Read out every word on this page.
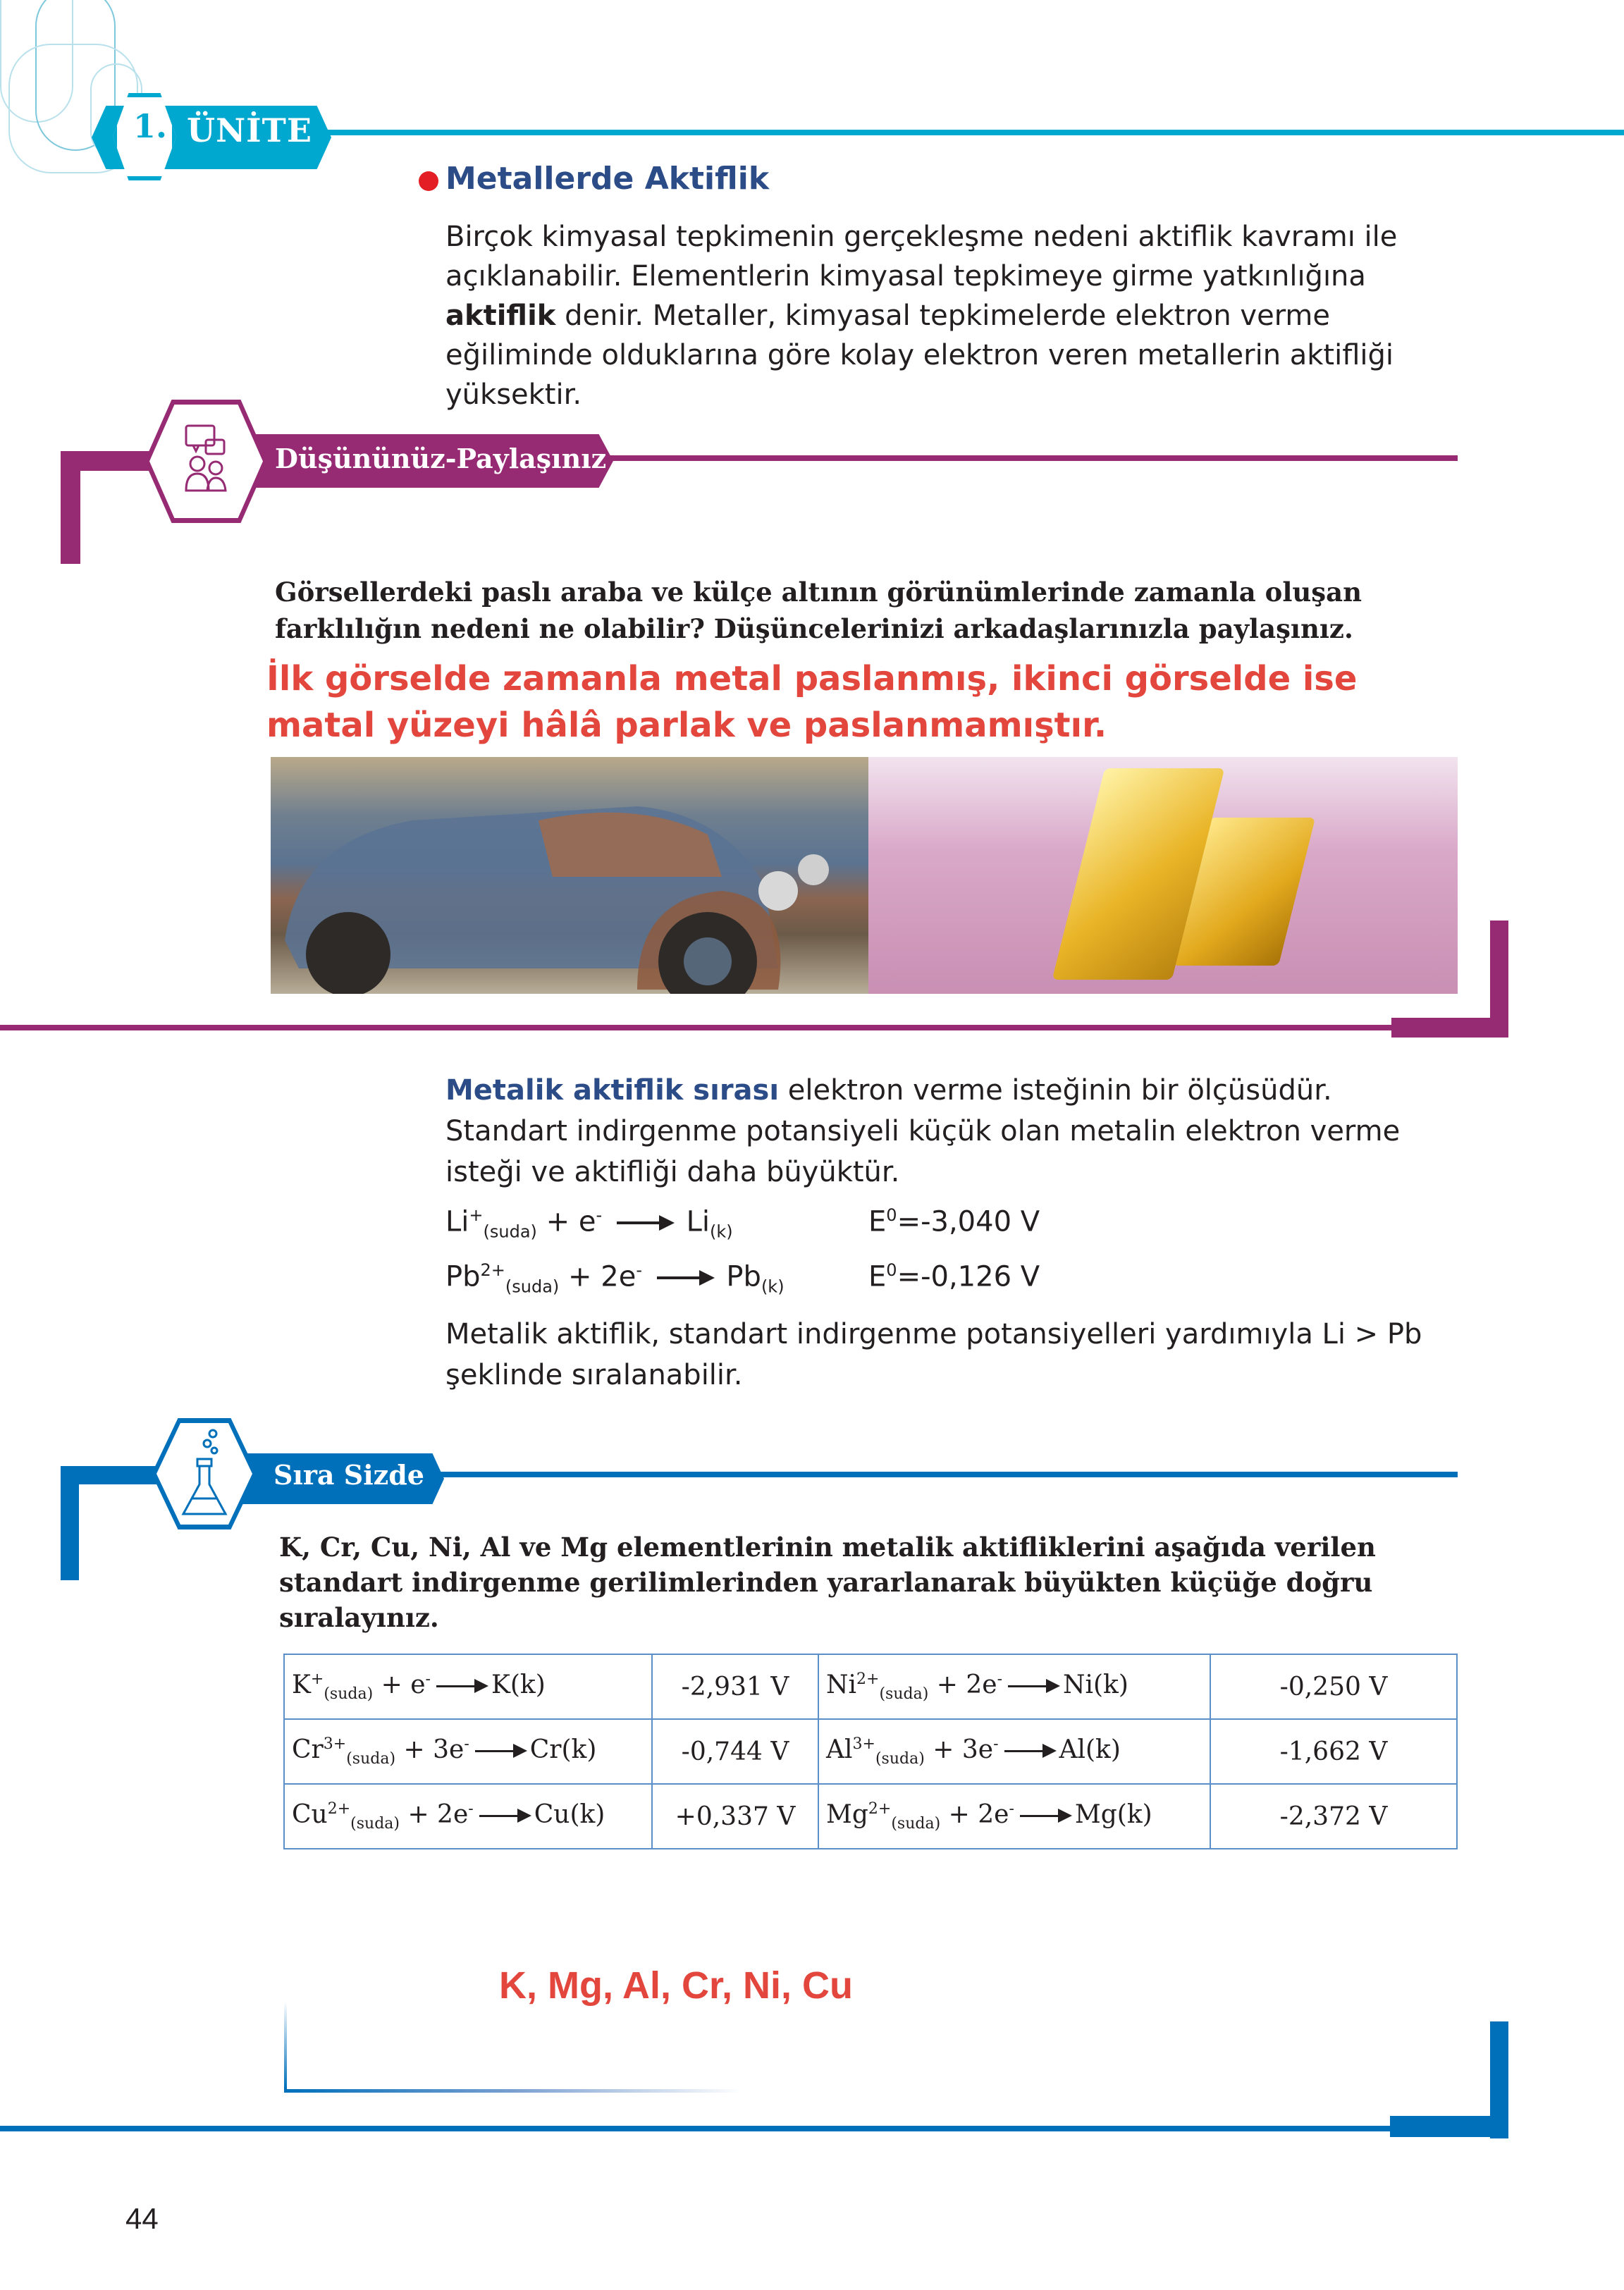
1. ÜNİTE
Metallerde Aktiflik
Birçok kimyasal tepkimenin gerçekleşme nedeni aktiflik kavramı ile açıklanabilir. Elementlerin kimyasal tepkimeye girme yatkınlığına aktiflik denir. Metaller, kimyasal tepkimelerde elektron verme eğiliminde olduklarına göre kolay elektron veren metallerin aktifliği yüksektir.
Düşününüz-Paylaşınız
Görsellerdeki paslı araba ve külçe altının görünümlerinde zamanla oluşan farklılığın nedeni ne olabilir? Düşüncelerinizi arkadaşlarınızla paylaşınız.
İlk görselde zamanla metal paslanmış, ikinci görselde ise matal yüzeyi hâlâ parlak ve paslanmamıştır.
Metalik aktiflik sırası elektron verme isteğinin bir ölçüsüdür. Standart indirgenme potansiyeli küçük olan metalin elektron verme isteği ve aktifliği daha büyüktür.
$Li^+_{(suda)} + e^- \to Li_{(k)}$	$E^0=-3,040$ V
$Pb^{2+}_{(suda)} + 2e^- \to Pb_{(k)}$	$E^0=-0,126$ V
Metalik aktiflik, standart indirgenme potansiyelleri yardımıyla Li > Pb şeklinde sıralanabilir.
Sıra Sizde
K, Cr, Cu, Ni, Al ve Mg elementlerinin metalik aktifliklerini aşağıda verilen standart indirgenme gerilimlerinden yararlanarak büyükten küçüğe doğru sıralayınız.
$K^+_{(suda)} + e^- \to K(k)$	-2,931 V	$Ni^{2+}_{(suda)} + 2e^- \to Ni(k)$	-0,250 V
$Cr^{3+}_{(suda)} + 3e^- \to Cr(k)$	-0,744 V	$Al^{3+}_{(suda)} + 3e^- \to Al(k)$	-1,662 V
$Cu^{2+}_{(suda)} + 2e^- \to Cu(k)$	+0,337 V	$Mg^{2+}_{(suda)} + 2e^- \to Mg(k)$	-2,372 V
K, Mg, Al, Cr, Ni, Cu
44
